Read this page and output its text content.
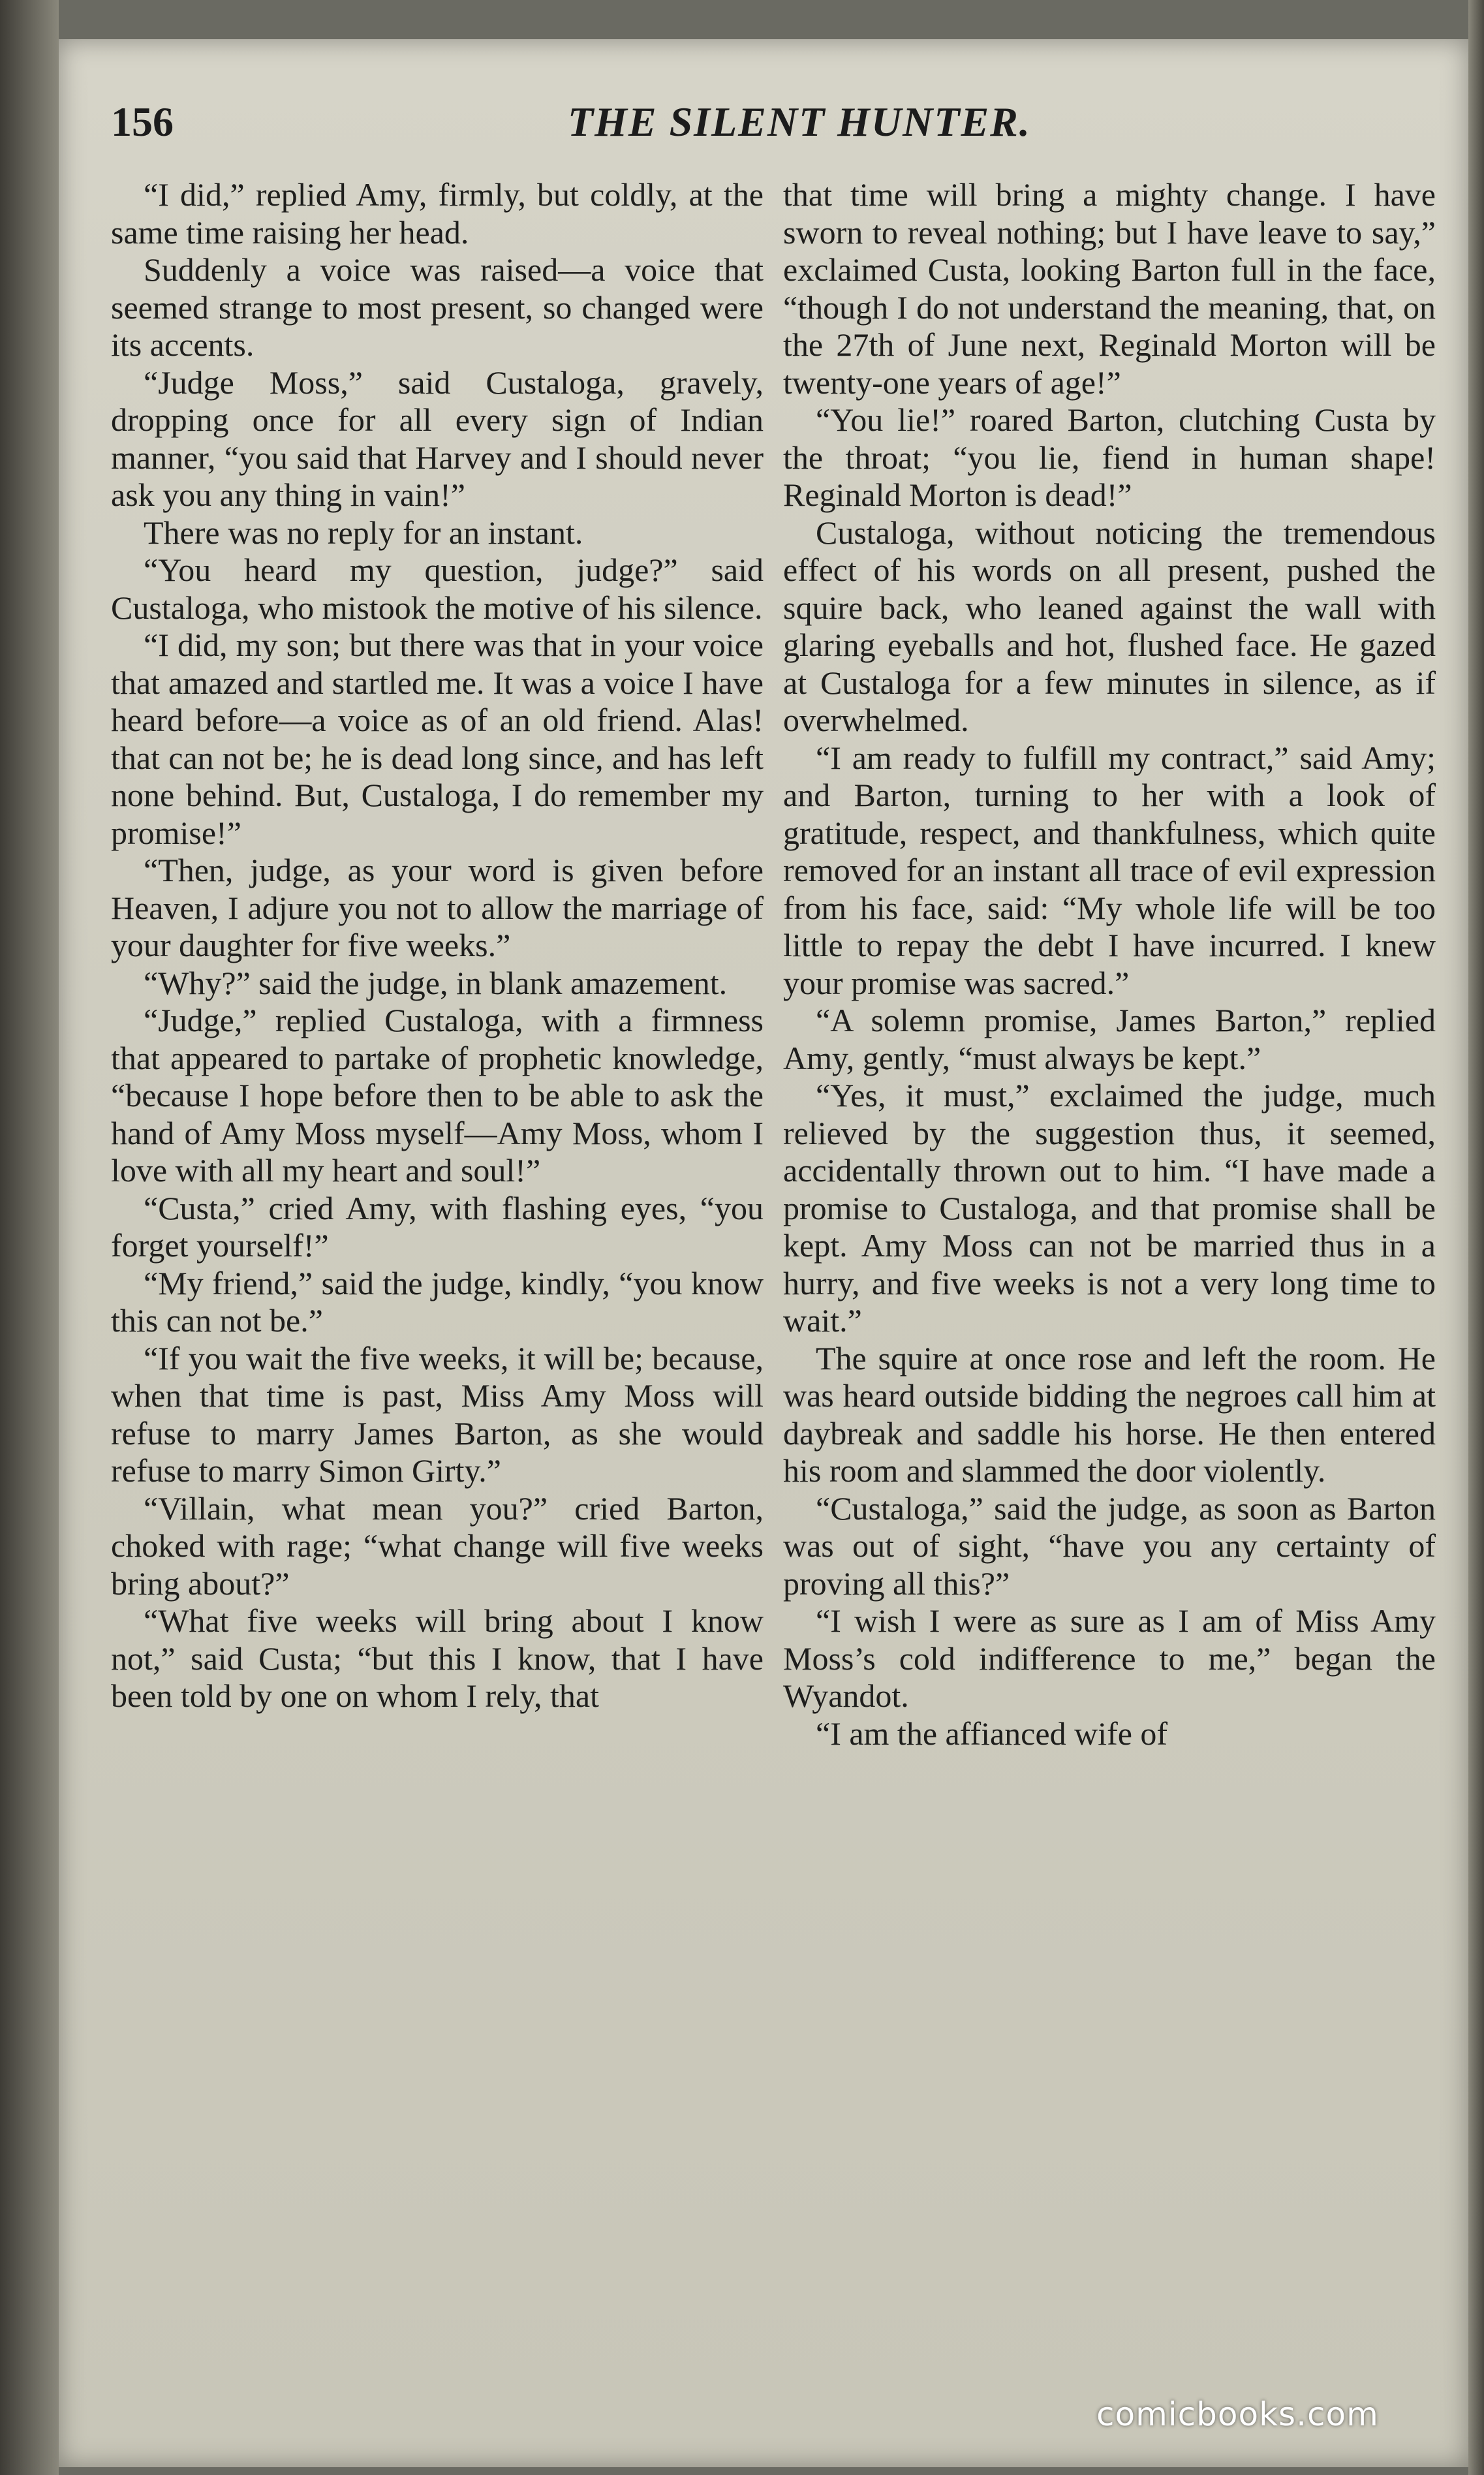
156	THE SILENT HUNTER.

“I did,” replied Amy, firmly, but coldly, at the same time raising her head.

Suddenly a voice was raised—a voice that seemed strange to most present, so changed were its accents.

“Judge Moss,” said Custaloga, gravely, dropping once for all every sign of Indian manner, “you said that Harvey and I should never ask you any thing in vain!”

There was no reply for an instant.

“You heard my question, judge?” said Custaloga, who mistook the motive of his silence.

“I did, my son; but there was that in your voice that amazed and startled me. It was a voice I have heard before—a voice as of an old friend. Alas! that can not be; he is dead long since, and has left none behind. But, Custaloga, I do remember my promise!”

“Then, judge, as your word is given before Heaven, I adjure you not to allow the marriage of your daughter for five weeks.”

“Why?” said the judge, in blank amazement.

“Judge,” replied Custaloga, with a firmness that appeared to partake of prophetic knowledge, “because I hope before then to be able to ask the hand of Amy Moss myself—Amy Moss, whom I love with all my heart and soul!”

“Custa,” cried Amy, with flashing eyes, “you forget yourself!”

“My friend,” said the judge, kindly, “you know this can not be.”

“If you wait the five weeks, it will be; because, when that time is past, Miss Amy Moss will refuse to marry James Barton, as she would refuse to marry Simon Girty.”

“Villain, what mean you?” cried Barton, choked with rage; “what change will five weeks bring about?”

“What five weeks will bring about I know not,” said Custa; “but this I know, that I have been told by one on whom I rely, that

that time will bring a mighty change. I have sworn to reveal nothing; but I have leave to say,” exclaimed Custa, looking Barton full in the face, “though I do not understand the meaning, that, on the 27th of June next, Reginald Morton will be twenty-one years of age!”

“You lie!” roared Barton, clutching Custa by the throat; “you lie, fiend in human shape! Reginald Morton is dead!”

Custaloga, without noticing the tremendous effect of his words on all present, pushed the squire back, who leaned against the wall with glaring eyeballs and hot, flushed face. He gazed at Custaloga for a few minutes in silence, as if overwhelmed.

“I am ready to fulfill my contract,” said Amy; and Barton, turning to her with a look of gratitude, respect, and thankfulness, which quite removed for an instant all trace of evil expression from his face, said: “My whole life will be too little to repay the debt I have incurred. I knew your promise was sacred.”

“A solemn promise, James Barton,” replied Amy, gently, “must always be kept.”

“Yes, it must,” exclaimed the judge, much relieved by the suggestion thus, it seemed, accidentally thrown out to him. “I have made a promise to Custaloga, and that promise shall be kept. Amy Moss can not be married thus in a hurry, and five weeks is not a very long time to wait.”

The squire at once rose and left the room. He was heard outside bidding the negroes call him at daybreak and saddle his horse. He then entered his room and slammed the door violently.

“Custaloga,” said the judge, as soon as Barton was out of sight, “have you any certainty of proving all this?”

“I wish I were as sure as I am of Miss Amy Moss’s cold indifference to me,” began the Wyandot.

“I am the affianced wife of

comicbooks.com
